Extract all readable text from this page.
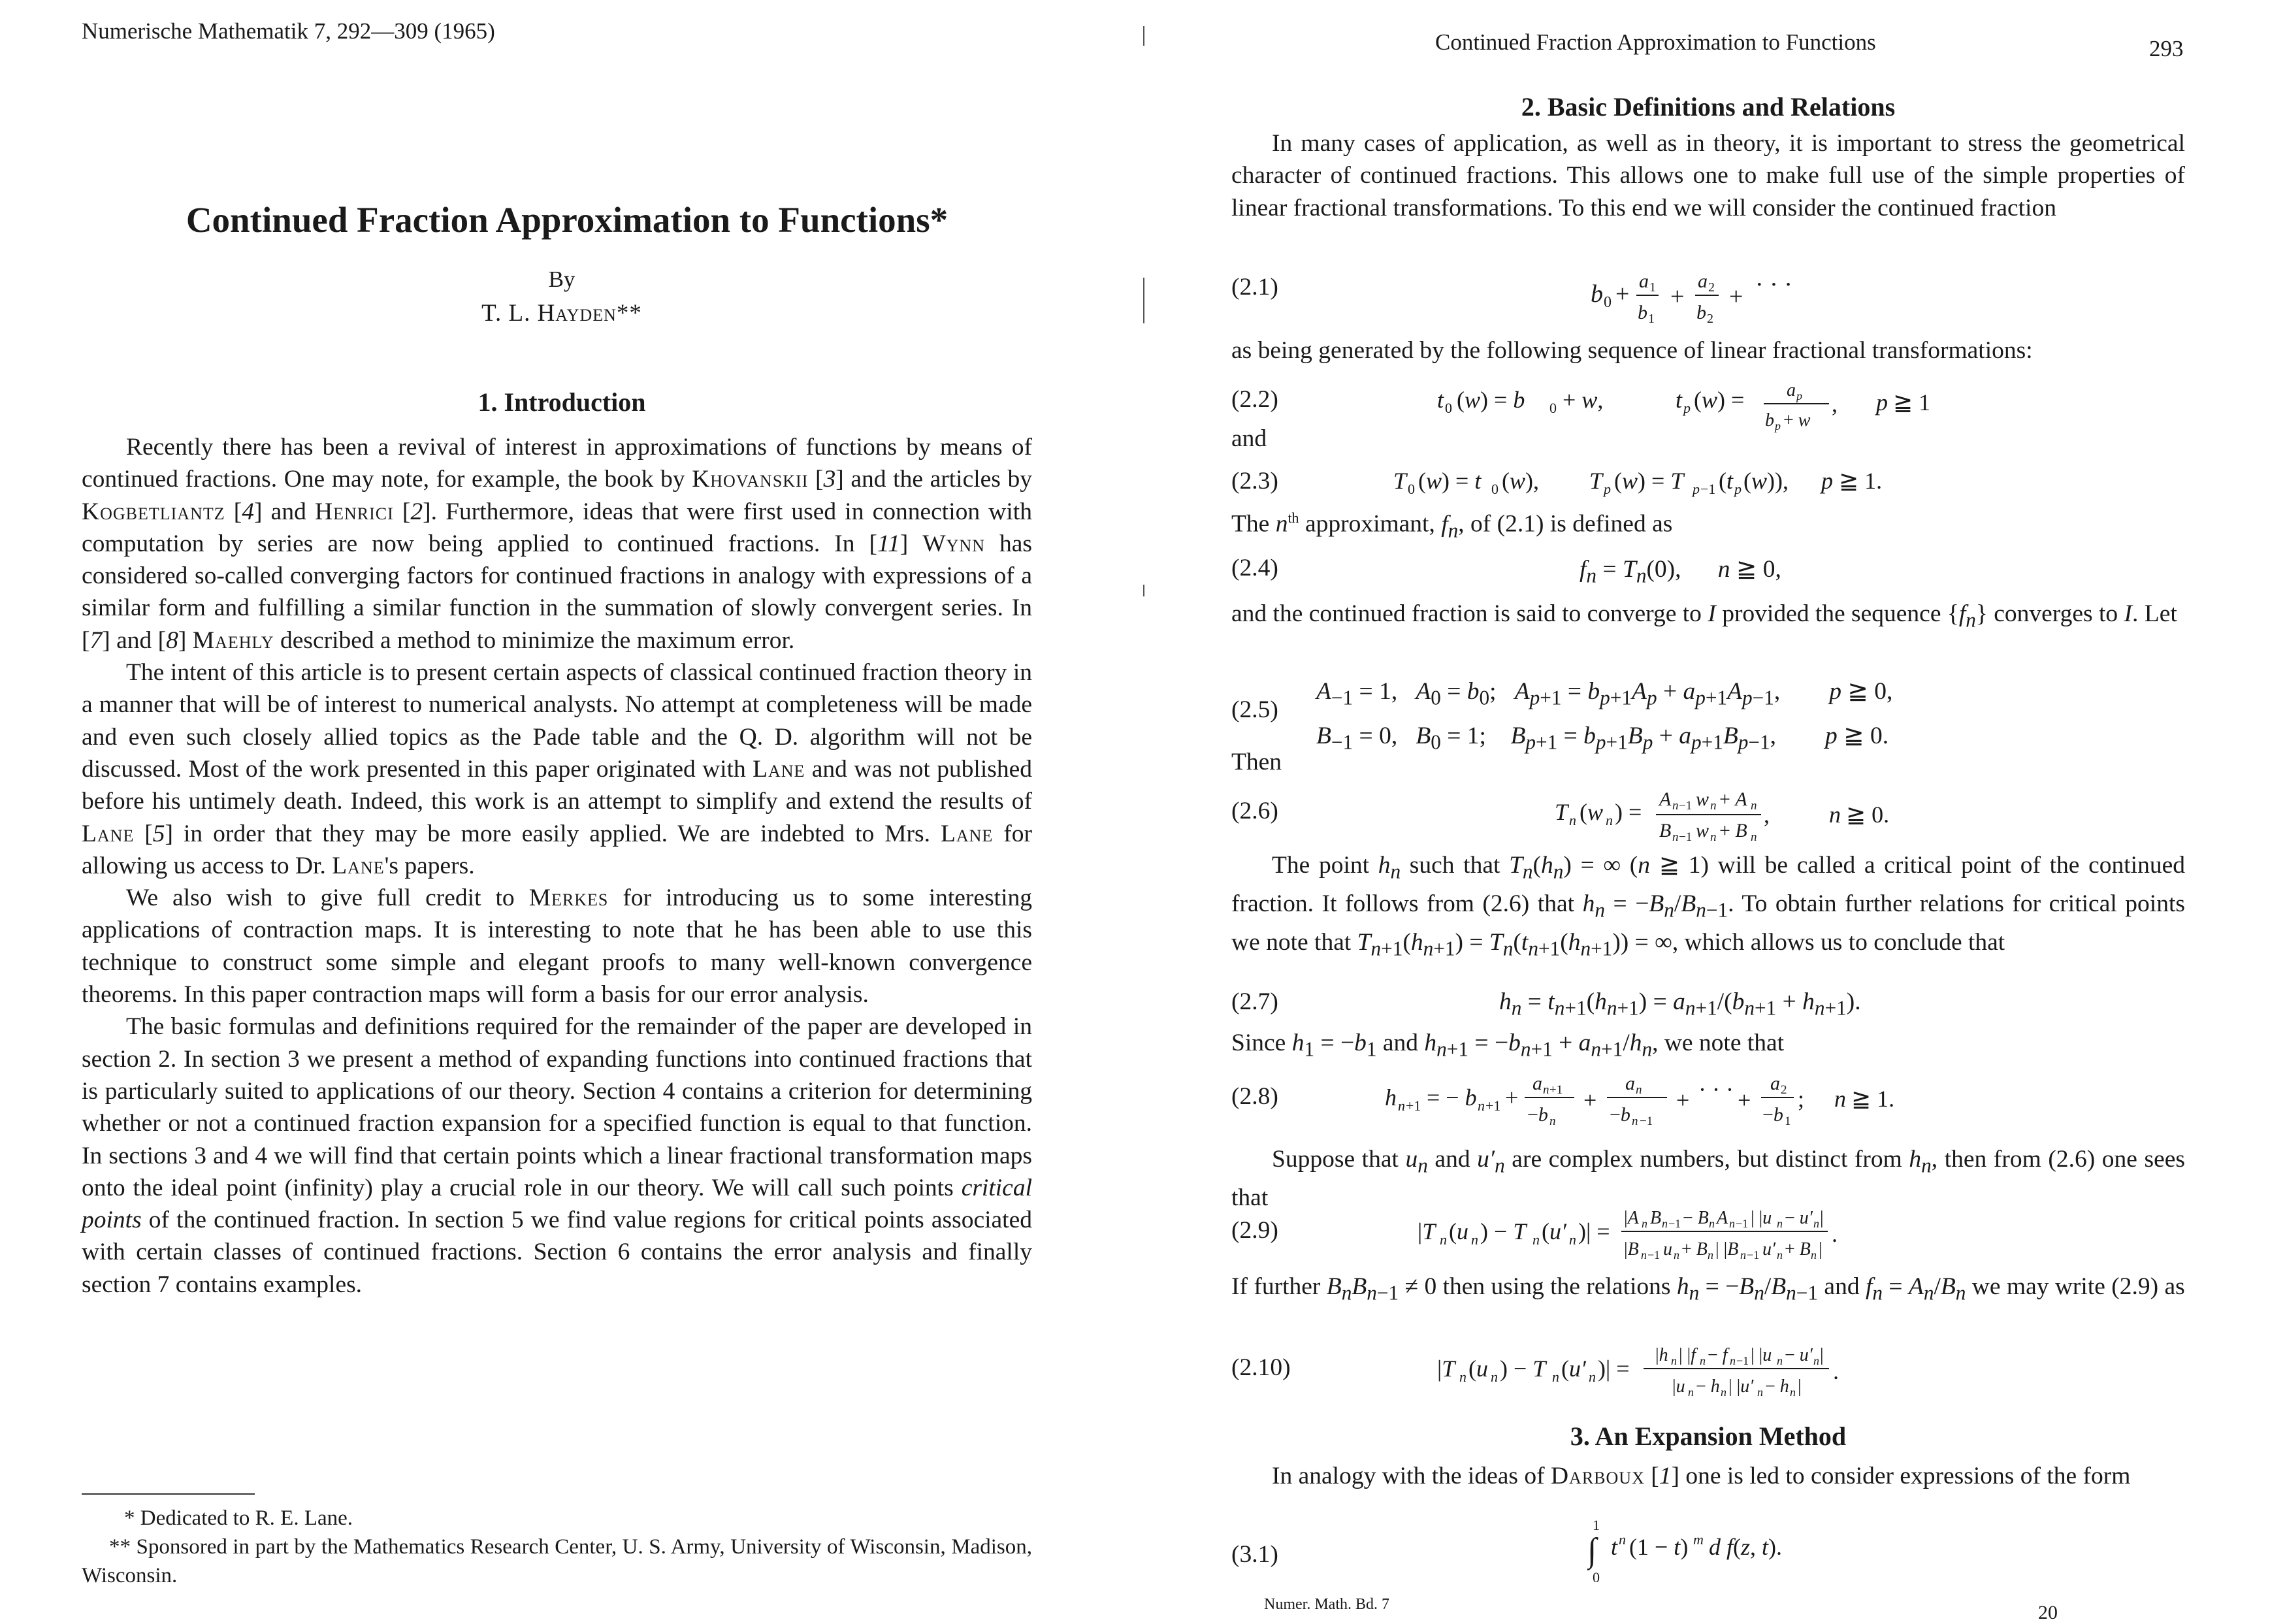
Numerische Mathematik 7, 292—309 (1965)
Continued Fraction Approximation to Functions*
By
T. L. Hayden**
1. Introduction

Recently there has been a revival of interest in approximations of functions by means of continued fractions. One may note, for example, the book by Khovanskii [3] and the articles by Kogbetliantz [4] and Henrici [2]. Furthermore, ideas that were first used in connection with computation by series are now being applied to continued fractions. In [11] Wynn has considered so-called converging factors for continued fractions in analogy with expressions of a similar form and fulfilling a similar function in the summation of slowly convergent series. In [7] and [8] Maehly described a method to minimize the maximum error.

The intent of this article is to present certain aspects of classical continued fraction theory in a manner that will be of interest to numerical analysts. No attempt at completeness will be made and even such closely allied topics as the Pade table and the Q. D. algorithm will not be discussed. Most of the work presented in this paper originated with Lane and was not published before his untimely death. Indeed, this work is an attempt to simplify and extend the results of Lane [5] in order that they may be more easily applied. We are indebted to Mrs. Lane for allowing us access to Dr. Lane's papers.

We also wish to give full credit to Merkes for introducing us to some interesting applications of contraction maps. It is interesting to note that he has been able to use this technique to construct some simple and elegant proofs to many well-known convergence theorems. In this paper contraction maps will form a basis for our error analysis.

The basic formulas and definitions required for the remainder of the paper are developed in section 2. In section 3 we present a method of expanding functions into continued fractions that is particularly suited to applications of our theory. Section 4 contains a criterion for determining whether or not a continued fraction expansion for a specified function is equal to that function. In sections 3 and 4 we will find that certain points which a linear fractional transformation maps onto the ideal point (infinity) play a crucial role in our theory. We will call such points critical points of the continued fraction. In section 5 we find value regions for critical points associated with certain classes of continued fractions. Section 6 contains the error analysis and finally section 7 contains examples.

* Dedicated to R. E. Lane.
** Sponsored in part by the Mathematics Research Center, U. S. Army, University of Wisconsin, Madison, Wisconsin.
Continued Fraction Approximation to Functions	293
2. Basic Definitions and Relations

In many cases of application, as well as in theory, it is important to stress the geometrical character of continued fractions. This allows one to make full use of the simple properties of linear fractional transformations. To this end we will consider the continued fraction

(2.1)	b 0 + a 1
b 1
+
a 2
b 2
+ · · ·
as being generated by the following sequence of linear fractional transformations:
(2.2)	t 0 (w) = b 0 + w,	t p (w) = a p
b p + w
, p ≧ 1
and
(2.3)	T 0 (w) = t 0 (w), T p (w) = T p −1 (t p (w)), p ≧ 1.
The $n^{th}$ approximant, $f_n$, of (2.1) is defined as
(2.4)	$f_n = T_n(0)$,      n ≧ 0,
and the continued fraction is said to converge to I provided the sequence $\{f_n\}$ converges to I. Let
(2.5)
$A_{-1} = 1$,   $A_0 = b_0$;   $A_{p+1} = b_{p+1}A_p + a_{p+1}A_{p-1}$,        p ≧ 0,
$B_{-1} = 0$,   $B_0 = 1$;    $B_{p+1} = b_{p+1}B_p + a_{p+1}B_{p-1}$,        p ≧ 0.
Then
(2.6)	T n (w n ) = A n −1 w n + A n
B n −1 w n + B n
,	n ≧ 0.

The point $h_n$ such that $T_n(h_n)$ = ∞ (n ≧ 1) will be called a critical point of the continued fraction. It follows from (2.6) that $h_n = -B_n/B_{n-1}$. To obtain further relations for critical points we note that $T_{n+1}(h_{n+1}) = T_n(t_{n+1}(h_{n+1}))$ = ∞, which allows us to conclude that

(2.7)	$h_n = t_{n+1}(h_{n+1}) = a_{n+1}/(b_{n+1} + h_{n+1})$.
Since $h_1 = -b_1$ and $h_{n+1} = -b_{n+1} + a_{n+1}/h_n$, we note that
(2.8)	h n +1 = − b n +1 +
a n +1
−b n
+
a n
−b n −1
+ · · · +
a 2
−b 1
; n ≧ 1.

Suppose that $u_n$ and $u'_n$ are complex numbers, but distinct from $h_n$, then from (2.6) one sees that

(2.9)	|T n (u n ) − T n (u′ n )| =
|A n B n −1 − B n A n −1 | |u n − u′ n |
|B n −1 u n + B n | |B n −1 u′ n + B n |
.
If further $B_nB_{n-1} \ne 0$ then using the relations $h_n = -B_n/B_{n-1}$ and $f_n = A_n/B_n$ we may write (2.9) as
(2.10)	|T n (u n ) − T n (u′ n )| =
|h n | |f n − f n −1 | |u n − u′ n |
|u n − h n | |u′ n − h n |
.
3. An Expansion Method

In analogy with the ideas of Darboux [1] one is led to consider expressions of the form

(3.1)
1
∫
0
t n (1 − t) m d f(z, t).
Numer. Math. Bd. 7	20
